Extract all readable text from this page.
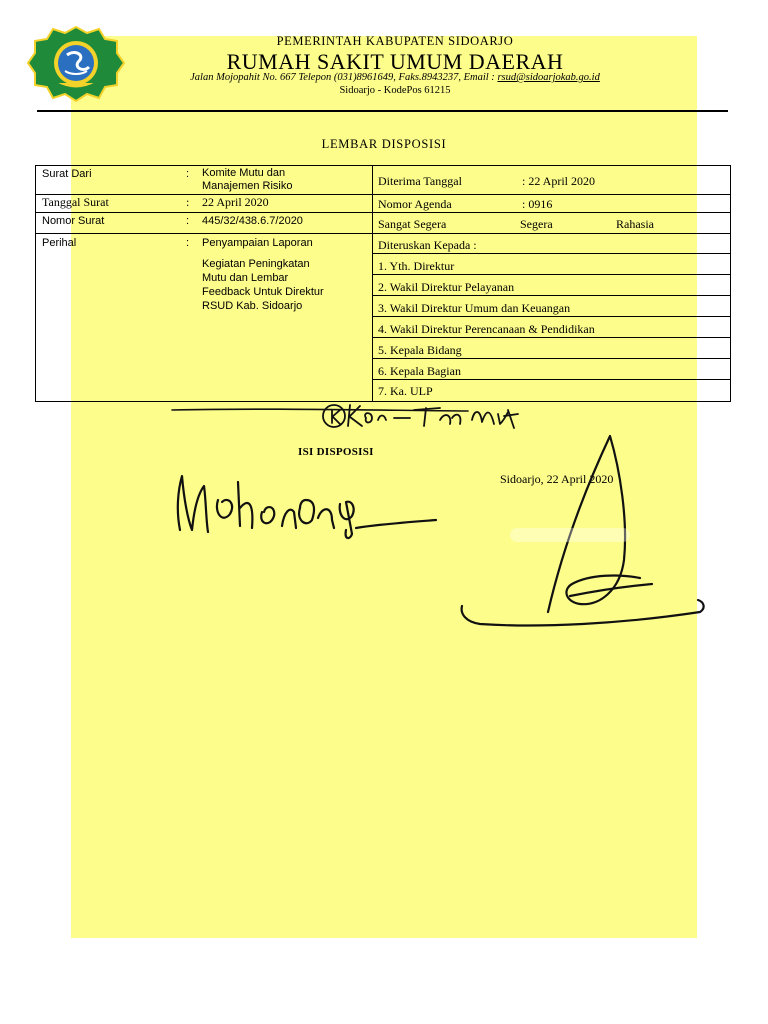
PEMERINTAH KABUPATEN SIDOARJO
RUMAH SAKIT UMUM DAERAH
Jalan Mojopahit No. 667 Telepon (031)8961649, Faks.8943237, Email : rsud@sidoarjokab.go.id
Sidoarjo - KodePos 61215
LEMBAR DISPOSISI
Surat Dari	: Komite Mutu dan
Manajemen Risiko
Tanggal Surat	: 22 April 2020
Nomor Surat	: 445/32/438.6.7/2020
Perihal	: Penyampaian Laporan
Kegiatan Peningkatan
Mutu dan Lembar
Feedback Untuk Direktur
RSUD Kab. Sidoarjo
Diterima Tanggal	: 22 April 2020
Nomor Agenda	: 0916
Sangat Segera	Segera	Rahasia
Diteruskan Kepada :
1. Yth. Direktur
2. Wakil Direktur Pelayanan
3. Wakil Direktur Umum dan Keuangan
4. Wakil Direktur Perencanaan & Pendidikan
5. Kepala Bidang
6. Kepala Bagian
7. Ka. ULP
ISI DISPOSISI
Sidoarjo, 22 April 2020
